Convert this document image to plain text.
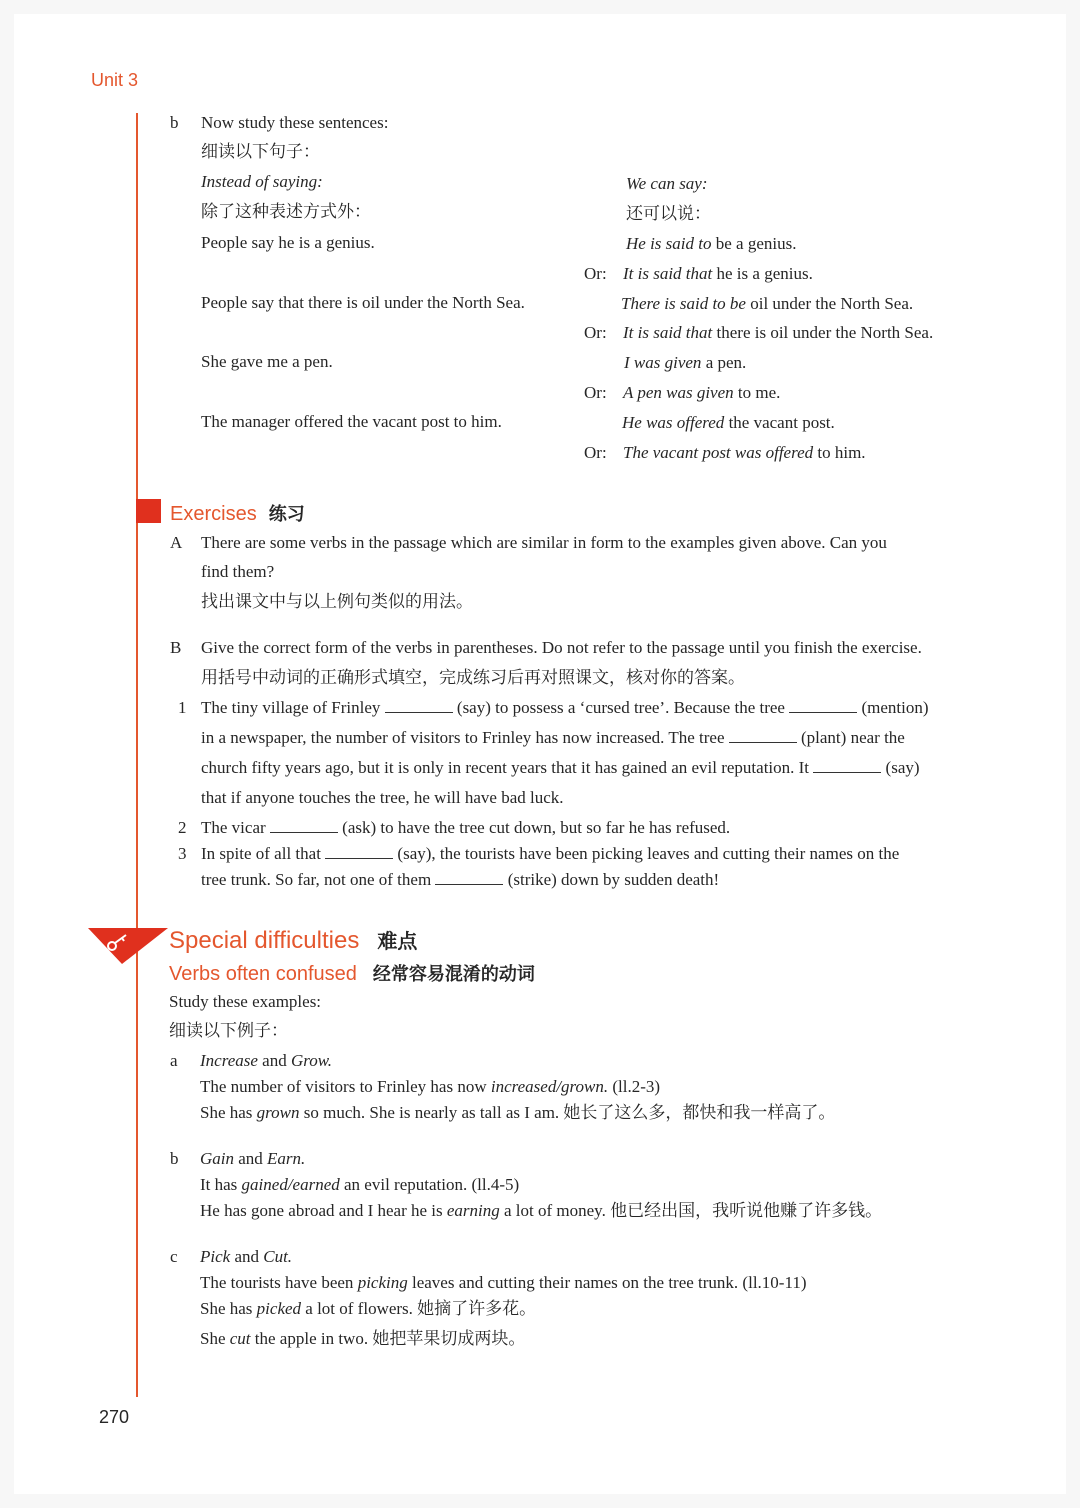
Unit 3
b Now study these sentences:
细读以下句子：
Instead of saying:
除了这种表述方式外：
We can say:
还可以说：
People say he is a genius.	He is said to be a genius.
Or: It is said that he is a genius.
People say that there is oil under the North Sea.	There is said to be oil under the North Sea.
Or: It is said that there is oil under the North Sea.
She gave me a pen.	I was given a pen.
Or: A pen was given to me.
The manager offered the vacant post to him.	He was offered the vacant post.
Or: The vacant post was offered to him.
Exercises 练习
A There are some verbs in the passage which are similar in form to the examples given above. Can you
find them?
找出课文中与以上例句类似的用法。
B Give the correct form of the verbs in parentheses. Do not refer to the passage until you finish the exercise.
用括号中动词的正确形式填空，完成练习后再对照课文，核对你的答案。
1 The tiny village of Frinley	(say) to possess a ‘cursed tree’. Because the tree	(mention)
in a newspaper, the number of visitors to Frinley has now increased. The tree	(plant) near the
church fifty years ago, but it is only in recent years that it has gained an evil reputation. It	(say)
that if anyone touches the tree, he will have bad luck.
2 The vicar	(ask) to have the tree cut down, but so far he has refused.
3 In spite of all that	(say), the tourists have been picking leaves and cutting their names on the
tree trunk. So far, not one of them	(strike) down by sudden death!
Special difficulties 难点
Verbs often confused 经常容易混淆的动词
Study these examples:
细读以下例子：
a Increase and Grow.
The number of visitors to Frinley has now increased/grown. (ll.2-3)
She has grown so much. She is nearly as tall as I am. 她长了这么多，都快和我一样高了。
b Gain and Earn.
It has gained/earned an evil reputation. (ll.4-5)
He has gone abroad and I hear he is earning a lot of money. 他已经出国，我听说他赚了许多钱。
c Pick and Cut.
The tourists have been picking leaves and cutting their names on the tree trunk. (ll.10-11)
She has picked a lot of flowers. 她摘了许多花。
She cut the apple in two. 她把苹果切成两块。
270
